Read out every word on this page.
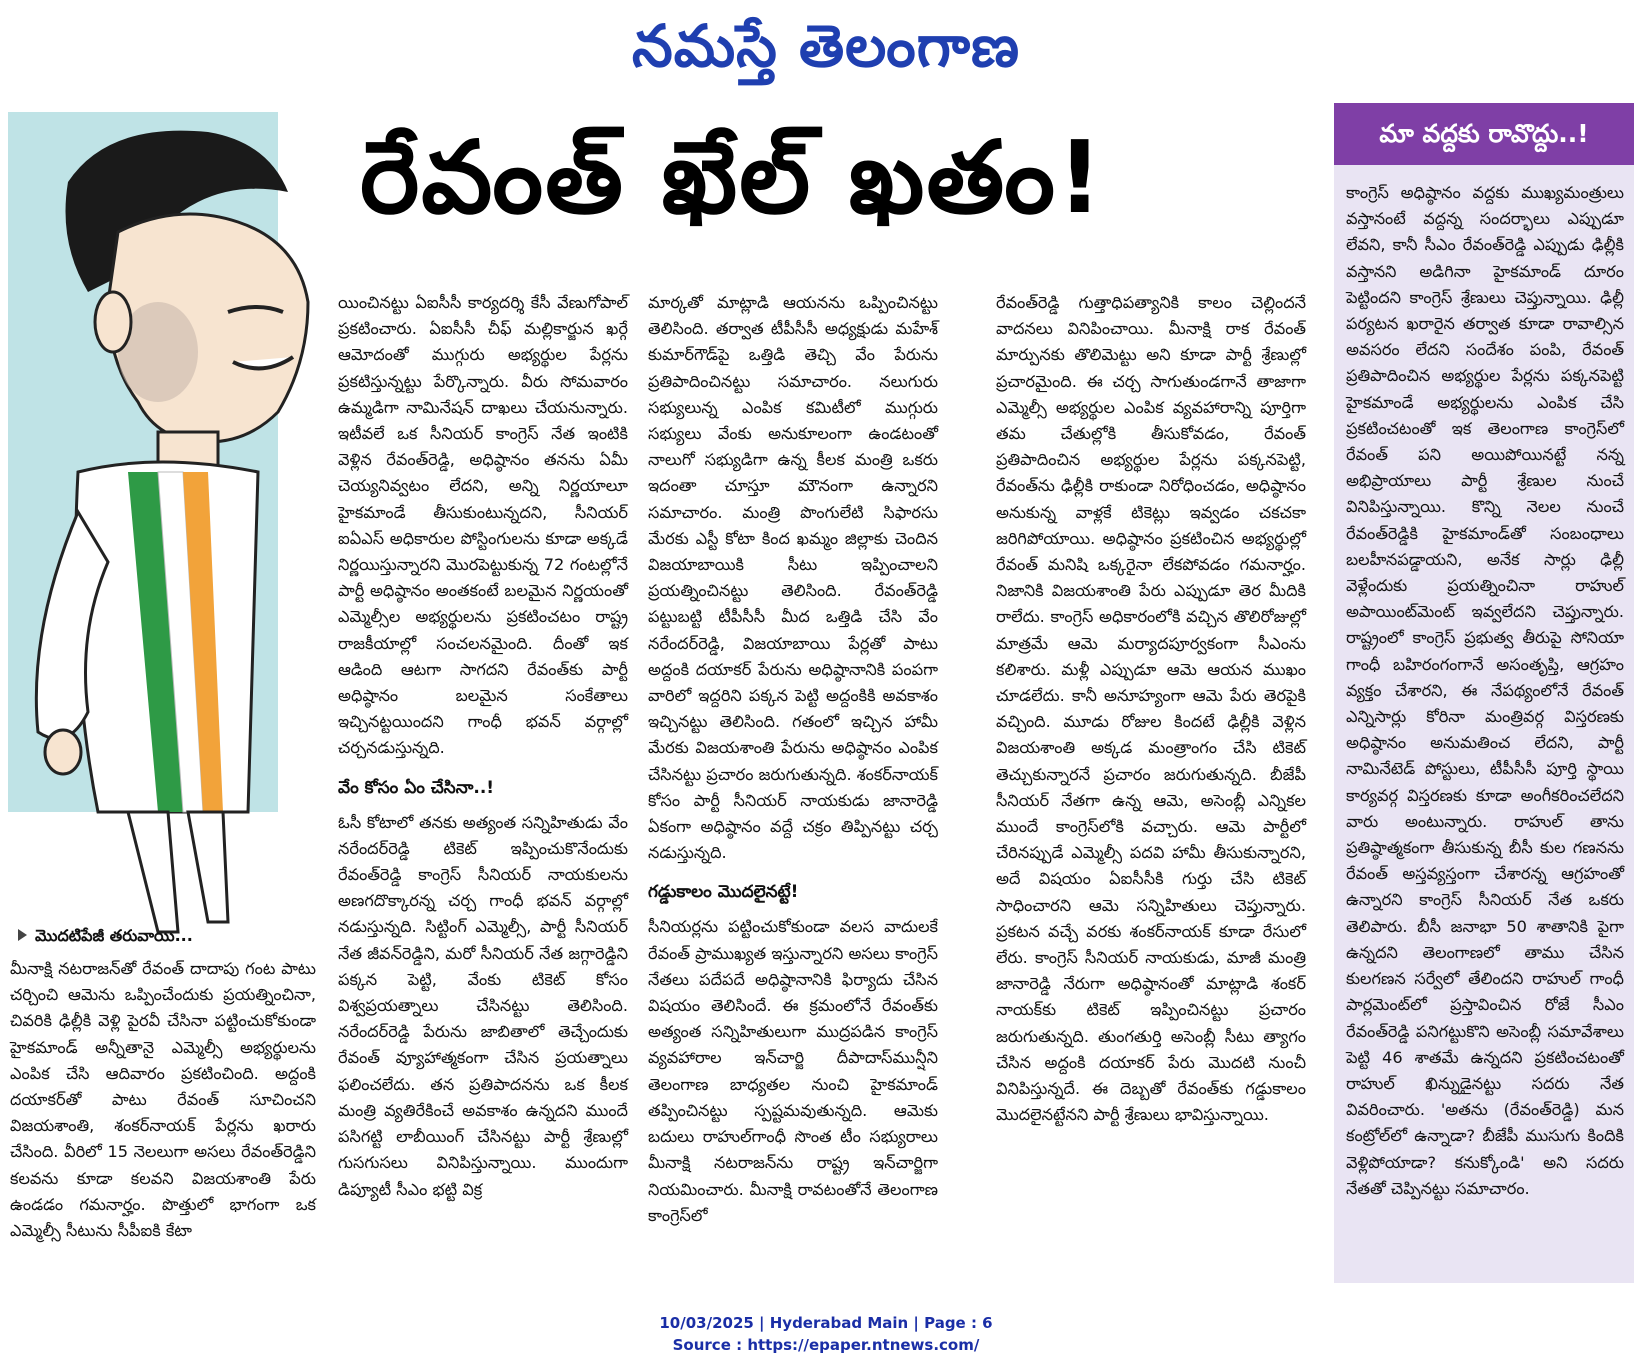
నమస్తే తెలంగాణ
రేవంత్ ఖేల్ ఖతం!
మొదటిపేజీ తరువాయి...

మీనాక్షి నటరాజన్‌తో రేవంత్ దాదాపు గంట పాటు చర్చించి ఆమెను ఒప్పించేందుకు ప్రయత్నించినా, చివరికి ఢిల్లీకి వెళ్లి పైరవీ చేసినా పట్టించుకోకుండా హైకమాండ్ అన్నీతానై ఎమ్మెల్సీ అభ్యర్థులను ఎంపిక చేసి ఆదివారం ప్రకటించింది. అద్దంకి దయాకర్‌తో పాటు రేవంత్ సూచించని విజయశాంతి, శంకర్‌నాయక్ పేర్లను ఖరారు చేసింది. వీరిలో 15 నెలలుగా అసలు రేవంత్‌రెడ్డిని కలవను కూడా కలవని విజయశాంతి పేరు ఉండడం గమనార్హం. పొత్తులో భాగంగా ఒక ఎమ్మెల్సీ సీటును సీపీఐకి కేటా

యించినట్టు ఏఐసీసీ కార్యదర్శి కేసీ వేణుగోపాల్ ప్రకటించారు. ఏఐసీసీ చీఫ్ మల్లికార్జున ఖర్గే ఆమోదంతో ముగ్గురు అభ్యర్థుల పేర్లను ప్రకటిస్తున్నట్టు పేర్కొన్నారు. వీరు సోమవారం ఉమ్మడిగా నామినేషన్ దాఖలు చేయనున్నారు. ఇటీవలే ఒక సీనియర్ కాంగ్రెస్ నేత ఇంటికి వెళ్లిన రేవంత్‌రెడ్డి, అధిష్ఠానం తనను ఏమీ చెయ్యనివ్వటం లేదని, అన్ని నిర్ణయాలూ హైకమాండే తీసుకుంటున్నదని, సీనియర్ ఐఏఎస్ అధికారుల పోస్టింగులను కూడా అక్కడే నిర్ణయిస్తున్నారని మొరపెట్టుకున్న 72 గంటల్లోనే పార్టీ అధిష్ఠానం అంతకంటే బలమైన నిర్ణయంతో ఎమ్మెల్సీల అభ్యర్థులను ప్రకటించటం రాష్ట్ర రాజకీయాల్లో సంచలనమైంది. దీంతో ఇక ఆడింది ఆటగా సాగదని రేవంత్‌కు పార్టీ అధిష్ఠానం బలమైన సంకేతాలు ఇచ్చినట్టయిందని గాంధీ భవన్ వర్గాల్లో చర్చనడుస్తున్నది.

వేం కోసం ఏం చేసినా..!

ఓసీ కోటాలో తనకు అత్యంత సన్నిహితుడు వేం నరేందర్‌రెడ్డి టికెట్ ఇప్పించుకొనేందుకు రేవంత్‌రెడ్డి కాంగ్రెస్ సీనియర్ నాయకులను అణగదొక్కారన్న చర్చ గాంధీ భవన్ వర్గాల్లో నడుస్తున్నది. సిట్టింగ్ ఎమ్మెల్సీ, పార్టీ సీనియర్ నేత జీవన్‌రెడ్డిని, మరో సీనియర్ నేత జగ్గారెడ్డిని పక్కన పెట్టి, వేంకు టికెట్ కోసం విశ్వప్రయత్నాలు చేసినట్టు తెలిసింది. నరేందర్‌రెడ్డి పేరును జాబితాలో తెచ్చేందుకు రేవంత్ వ్యూహాత్మకంగా చేసిన ప్రయత్నాలు ఫలించలేదు. తన ప్రతిపాదనను ఒక కీలక మంత్రి వ్యతిరేకించే అవకాశం ఉన్నదని ముందే పసిగట్టి లాబీయింగ్ చేసినట్టు పార్టీ శ్రేణుల్లో గుసగుసలు వినిపిస్తున్నాయి. ముందుగా డిప్యూటీ సీఎం భట్టి విక్ర

మార్కతో మాట్లాడి ఆయనను ఒప్పించినట్టు తెలిసింది. తర్వాత టీపీసీసీ అధ్యక్షుడు మహేశ్ కుమార్‌గౌడ్‌పై ఒత్తిడి తెచ్చి వేం పేరును ప్రతిపాదించినట్టు సమాచారం. నలుగురు సభ్యులున్న ఎంపిక కమిటీలో ముగ్గురు సభ్యులు వేంకు అనుకూలంగా ఉండటంతో నాలుగో సభ్యుడిగా ఉన్న కీలక మంత్రి ఒకరు ఇదంతా చూస్తూ మౌనంగా ఉన్నారని సమాచారం. మంత్రి పొంగులేటి సిఫారసు మేరకు ఎస్టీ కోటా కింద ఖమ్మం జిల్లాకు చెందిన విజయాబాయికి సీటు ఇప్పించాలని ప్రయత్నించినట్టు తెలిసింది. రేవంత్‌రెడ్డి పట్టుబట్టి టీపీసీసీ మీద ఒత్తిడి చేసి వేం నరేందర్‌రెడ్డి, విజయాబాయి పేర్లతో పాటు అద్దంకి దయాకర్ పేరును అధిష్ఠానానికి పంపగా వారిలో ఇద్దరిని పక్కన పెట్టి అద్దంకికి అవకాశం ఇచ్చినట్టు తెలిసింది. గతంలో ఇచ్చిన హామీ మేరకు విజయశాంతి పేరును అధిష్ఠానం ఎంపిక చేసినట్టు ప్రచారం జరుగుతున్నది. శంకర్‌నాయక్ కోసం పార్టీ సీనియర్ నాయకుడు జానారెడ్డి ఏకంగా అధిష్ఠానం వద్దే చక్రం తిప్పినట్టు చర్చ నడుస్తున్నది.

గడ్డుకాలం మొదలైనట్టే!

సీనియర్లను పట్టించుకోకుండా వలస వాదులకే రేవంత్ ప్రాముఖ్యత ఇస్తున్నారని అసలు కాంగ్రెస్ నేతలు పదేపదే అధిష్ఠానానికి ఫిర్యాదు చేసిన విషయం తెలిసిందే. ఈ క్రమంలోనే రేవంత్‌కు అత్యంత సన్నిహితులుగా ముద్రపడిన కాంగ్రెస్ వ్యవహారాల ఇన్‌చార్జి దీపాదాస్‌మున్షీని తెలంగాణ బాధ్యతల నుంచి హైకమాండ్ తప్పించినట్టు స్పష్టమవుతున్నది. ఆమెకు బదులు రాహుల్‌గాంధీ సొంత టీం సభ్యురాలు మీనాక్షి నటరాజన్‌ను రాష్ట్ర ఇన్‌చార్జిగా నియమించారు. మీనాక్షి రావటంతోనే తెలంగాణ కాంగ్రెస్‌లో

రేవంత్‌రెడ్డి గుత్తాధిపత్యానికి కాలం చెల్లిందనే వాదనలు వినిపించాయి. మీనాక్షి రాక రేవంత్ మార్పునకు తొలిమెట్టు అని కూడా పార్టీ శ్రేణుల్లో ప్రచారమైంది. ఈ చర్చ సాగుతుండగానే తాజాగా ఎమ్మెల్సీ అభ్యర్థుల ఎంపిక వ్యవహారాన్ని పూర్తిగా తమ చేతుల్లోకి తీసుకోవడం, రేవంత్ ప్రతిపాదించిన అభ్యర్థుల పేర్లను పక్కనపెట్టి, రేవంత్‌ను ఢిల్లీకి రాకుండా నిరోధించడం, అధిష్ఠానం అనుకున్న వాళ్లకే టికెట్లు ఇవ్వడం చకచకా జరిగిపోయాయి. అధిష్ఠానం ప్రకటించిన అభ్యర్థుల్లో రేవంత్ మనిషి ఒక్కరైనా లేకపోవడం గమనార్హం. నిజానికి విజయశాంతి పేరు ఎప్పుడూ తెర మీదికి రాలేదు. కాంగ్రెస్ అధికారంలోకి వచ్చిన తొలిరోజుల్లో మాత్రమే ఆమె మర్యాదపూర్వకంగా సీఎంను కలిశారు. మళ్లీ ఎప్పుడూ ఆమె ఆయన ముఖం చూడలేదు. కానీ అనూహ్యంగా ఆమె పేరు తెరపైకి వచ్చింది. మూడు రోజుల కిందటే ఢిల్లీకి వెళ్లిన విజయశాంతి అక్కడ మంత్రాంగం చేసి టికెట్ తెచ్చుకున్నారనే ప్రచారం జరుగుతున్నది. బీజేపీ సీనియర్ నేతగా ఉన్న ఆమె, అసెంబ్లీ ఎన్నికల ముందే కాంగ్రెస్‌లోకి వచ్చారు. ఆమె పార్టీలో చేరినప్పుడే ఎమ్మెల్సీ పదవి హామీ తీసుకున్నారని, అదే విషయం ఏఐసీసీకి గుర్తు చేసి టికెట్ సాధించారని ఆమె సన్నిహితులు చెప్తున్నారు. ప్రకటన వచ్చే వరకు శంకర్‌నాయక్ కూడా రేసులో లేరు. కాంగ్రెస్ సీనియర్ నాయకుడు, మాజీ మంత్రి జానారెడ్డి నేరుగా అధిష్ఠానంతో మాట్లాడి శంకర్ నాయక్‌కు టికెట్ ఇప్పించినట్టు ప్రచారం జరుగుతున్నది. తుంగతుర్తి అసెంబ్లీ సీటు త్యాగం చేసిన అద్దంకి దయాకర్ పేరు మొదటి నుంచీ వినిపిస్తున్నదే. ఈ దెబ్బతో రేవంత్‌కు గడ్డుకాలం మొదలైనట్టేనని పార్టీ శ్రేణులు భావిస్తున్నాయి.

మా వద్దకు రావొద్దు..!

కాంగ్రెస్ అధిష్ఠానం వద్దకు ముఖ్యమంత్రులు వస్తానంటే వద్దన్న సందర్భాలు ఎప్పుడూ లేవని, కానీ సీఎం రేవంత్‌రెడ్డి ఎప్పుడు ఢిల్లీకి వస్తానని అడిగినా హైకమాండ్ దూరం పెట్టిందని కాంగ్రెస్ శ్రేణులు చెప్తున్నాయి. ఢిల్లీ పర్యటన ఖరారైన తర్వాత కూడా రావాల్సిన అవసరం లేదని సందేశం పంపి, రేవంత్ ప్రతిపాదించిన అభ్యర్థుల పేర్లను పక్కనపెట్టి హైకమాండే అభ్యర్థులను ఎంపిక చేసి ప్రకటించటంతో ఇక తెలంగాణ కాంగ్రెస్‌లో రేవంత్ పని అయిపోయినట్టే నన్న అభిప్రాయాలు పార్టీ శ్రేణుల నుంచే వినిపిస్తున్నాయి. కొన్ని నెలల నుంచే రేవంత్‌రెడ్డికి హైకమాండ్‌తో సంబంధాలు బలహీనపడ్డాయని, అనేక సార్లు ఢిల్లీ వెళ్లేందుకు ప్రయత్నించినా రాహుల్ అపాయింట్‌మెంట్ ఇవ్వలేదని చెప్తున్నారు. రాష్ట్రంలో కాంగ్రెస్ ప్రభుత్వ తీరుపై సోనియా గాంధీ బహిరంగంగానే అసంతృప్తి, ఆగ్రహం వ్యక్తం చేశారని, ఈ నేపథ్యంలోనే రేవంత్ ఎన్నిసార్లు కోరినా మంత్రివర్గ విస్తరణకు అధిష్ఠానం అనుమతించ లేదని, పార్టీ నామినేటెడ్ పోస్టులు, టీపీసీసీ పూర్తి స్థాయి కార్యవర్గ విస్తరణకు కూడా అంగీకరించలేదని వారు అంటున్నారు. రాహుల్ తాను ప్రతిష్ఠాత్మకంగా తీసుకున్న బీసీ కుల గణనను రేవంత్ అస్తవ్యస్తంగా చేశారన్న ఆగ్రహంతో ఉన్నారని కాంగ్రెస్ సీనియర్ నేత ఒకరు తెలిపారు. బీసీ జనాభా 50 శాతానికి పైగా ఉన్నదని తెలంగాణలో తాము చేసిన కులగణన సర్వేలో తేలిందని రాహుల్ గాంధీ పార్లమెంట్‌లో ప్రస్తావించిన రోజే సీఎం రేవంత్‌రెడ్డి పనిగట్టుకొని అసెంబ్లీ సమావేశాలు పెట్టి 46 శాతమే ఉన్నదని ప్రకటించటంతో రాహుల్ ఖిన్నుడైనట్టు సదరు నేత వివరించారు. 'అతను (రేవంత్‌రెడ్డి) మన కంట్రోల్‌లో ఉన్నాడా? బీజేపీ ముసుగు కిందికి వెళ్లిపోయాడా? కనుక్కోండి' అని సదరు నేతతో చెప్పినట్టు సమాచారం.

10/03/2025 | Hyderabad Main | Page : 6
Source : https://epaper.ntnews.com/
